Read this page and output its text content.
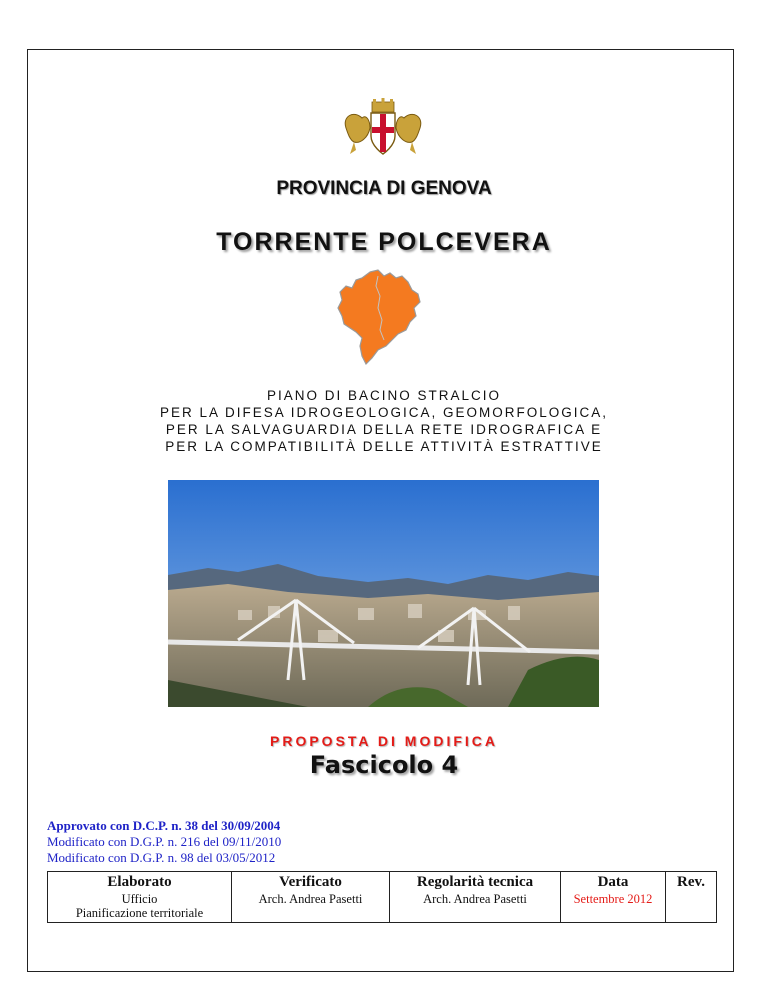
PROVINCIA DI GENOVA
TORRENTE POLCEVERA
PIANO DI BACINO STRALCIO
PER LA DIFESA IDROGEOLOGICA, GEOMORFOLOGICA,
PER LA SALVAGUARDIA DELLA RETE IDROGRAFICA E
PER LA COMPATIBILITÀ DELLE ATTIVITÀ ESTRATTIVE
PROPOSTA DI MODIFICA
Fascicolo 4
Approvato con D.C.P. n. 38 del 30/09/2004
Modificato con D.G.P. n. 216 del 09/11/2010
Modificato con D.G.P. n. 98 del 03/05/2012
Elaborato	Verificato	Regolarità tecnica	Data	Rev.

Ufficio
Pianificazione territoriale	Arch. Andrea Pasetti	Arch. Andrea Pasetti	Settembre 2012	
